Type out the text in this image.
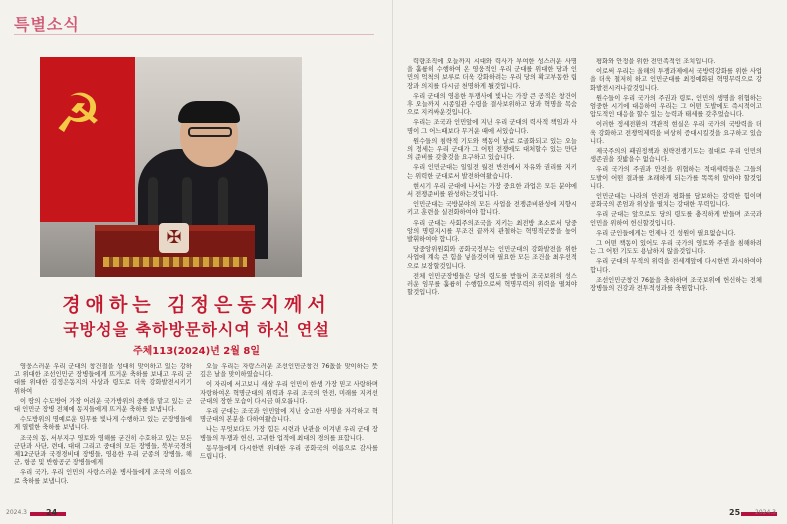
특별소식
☭
✠
경애하는 김정은동지께서
국방성을 축하방문하시여 하신 연설
주체113(2024)년 2월 8일

영웅스러운 우리 군대의 창건절을 성대히 맞이하고 있는 강하고 위대한 조선인민군 장병들에게 뜨거운 축하를 보내고 우리 군대를 위대한 김정은동지의 사상과 령도로 더욱 강화발전시키기 위하여

이 땅의 수도방어 가장 어려운 국가방위의 중책을 맡고 있는 군대 인민군 장병 전체에 동지들에게 뜨거운 축하를 보냅니다.

수도방위의 명예로운 임무를 빛나게 수행하고 있는 군장병들에게 열렬한 축하를 보냅니다.

조국의 동, 서부지구 영토와 영해를 굳건히 수호하고 있는 모든 군단과 사단, 련대, 대대 그리고 중대의 모든 장병들, 북부국경의 제12군단과 국경경비대 장병들, 영용한 우리 군종의 장병들, 해군, 항공 및 반항공군 장병들에게

우리 국가, 우리 인민의 사랑스러운 병사들에게 조국의 이름으로 축하를 보냅니다.

오늘 우리는 자랑스러운 조선인민군창건 76돐을 맞이하는 뜻깊은 날을 맞이하였습니다.

이 자리에 서고보니 새삼 우리 인민이 한생 가장 믿고 사랑하며 자랑하여온 혁명군대의 위력과 우리 조국의 안전, 미래를 지켜선 군대의 장한 모습이 다시금 떠오릅니다.

우리 군대는 조국과 인민앞에 지닌 숭고한 사명을 자각하고 혁명군대의 본분을 다하여왔습니다.

나는 무엇보다도 가장 힘든 시련과 난관을 이겨낸 우리 군대 장병들의 투쟁과 헌신, 고귀한 업적에 최대의 경의를 표합니다.

동무들에게 다시한번 위대한 우리 공화국의 이름으로 감사를 드립니다.

2024.3 24

력량조직에 오늘까지 시대와 력사가 부여한 성스러운 사명을 훌륭히 수행하여 온 영웅적인 우리 군대를 위대한 당과 인민의 억척의 보루로 더욱 강화하려는 우리 당의 확고부동한 립장과 의지를 다시금 천명하게 될것입니다.

우리 군대의 영용한 투쟁사에 빛나는 가장 큰 공적은 창건이후 오늘까지 시종일관 수령을 결사보위하고 당과 혁명을 목숨으로 지켜싸운것입니다.

우리는 조국과 인민앞에 지닌 우리 군대의 력사적 책임과 사명이 그 어느때보다 무거운 때에 서있습니다.

원수들의 침략적 기도와 책동이 날로 로골화되고 있는 오늘의 정세는 우리 군대가 그 어떤 전쟁에도 대처할수 있는 만단의 준비를 갖출것을 요구하고 있습니다.

우리 인민군대는 일일전 월전 반전에서 자유와 권리를 지키는 위력한 군대로서 발전하여왔습니다.

현시기 우리 군대에 나서는 가장 중요한 과업은 모든 분야에서 전쟁준비를 완성하는것입니다.

인민군대는 국방분야의 모든 사업을 전쟁준비완성에 지향시키고 훈련을 실전화하여야 합니다.

우리 군대는 사회주의조국을 지키는 최전방 초소로서 당중앙의 명령지시를 무조건 끝까지 관철하는 혁명적군풍을 높이 발휘하여야 합니다.

당중앙위원회와 공화국정부는 인민군대의 강화발전을 위한 사업에 계속 큰 힘을 넣을것이며 필요한 모든 조건을 최우선적으로 보장할것입니다.

전체 인민군장병들은 당의 령도를 받들어 조국보위의 성스러운 임무를 훌륭히 수행함으로써 혁명무력의 위력을 떨쳐야 할것입니다.

평화와 안정을 위한 전민족적인 조치입니다.

이로써 우리는 올해의 투쟁과제에서 국방력강화를 위한 사업을 더욱 철저히 하고 인민군대를 최정예화된 혁명무력으로 강화발전시켜나갈것입니다.

원수들이 우리 국가의 주권과 령토, 인민의 생명을 위협하는 엄중한 시기에 대응하여 우리는 그 어떤 도발에도 즉시적이고 압도적인 대응을 할수 있는 능력과 태세를 갖추었습니다.

이러한 정세전환의 객관적 현실은 우리 국가의 국방력을 더욱 강화하고 전쟁억제력을 비상히 증대시킬것을 요구하고 있습니다.

제국주의의 패권정책과 침략전쟁기도는 절대로 우리 인민의 생존권을 짓밟을수 없습니다.

우리 국가의 주권과 안전을 위협하는 적대세력들은 그들의 도발이 어떤 결과를 초래하게 되는가를 똑똑히 알아야 할것입니다.

인민군대는 나라의 안전과 평화를 담보하는 강력한 힘이며 공화국의 존엄과 위상을 떨치는 강대한 무력입니다.

우리 군대는 앞으로도 당의 령도를 충직하게 받들며 조국과 인민을 위하여 헌신할것입니다.

우리 군인들에게는 언제나 긴 성원이 필요없습니다.

그 어떤 책동이 있어도 우리 국가의 영토와 주권을 침해하려는 그 어떤 기도도 용납하지 않을것입니다.

우리 군대의 무적의 위력을 전세계앞에 다시한번 과시하여야 합니다.

조선인민군창건 76돐을 축하하며 조국보위에 헌신하는 전체 장병들의 건강과 전투적성과를 축원합니다.

25 2024.3
